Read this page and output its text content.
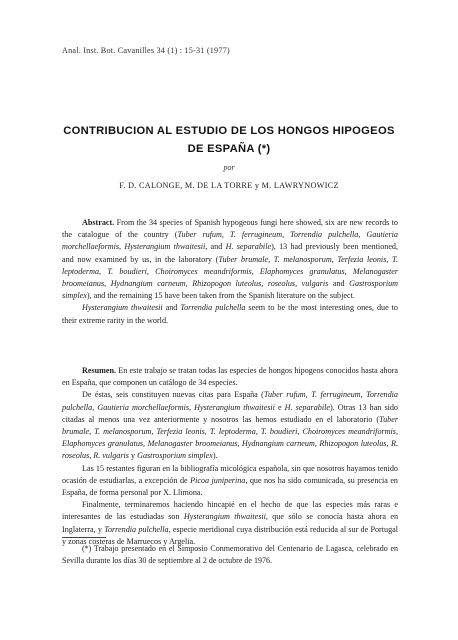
Anal. Inst. Bot. Cavanilles 34 (1) : 15-31 (1977)
CONTRIBUCION AL ESTUDIO DE LOS HONGOS HIPOGEOS
DE ESPAÑA (*)
por
F. D. CALONGE, M. DE LA TORRE y M. LAWRYNOWICZ

Abstract. From the 34 species of Spanish hypogeous fungi here showed, six are new records to the catalogue of the country (Tuber rufum, T. ferrugineum, Torrendia pulchella, Gautieria morchellaeformis, Hysterangium thwaitesii, and H. separabile), 13 had previously been mentioned, and now examined by us, in the laboratory (Tuber brumale, T. melanosporum, Terfezia leonis, T. leptoderma, T. boudieri, Choiromyces meandriformis, Elaphomyces granulatus, Melanogaster broomeianus, Hydnangium carneum, Rhizopogon luteolus, roseolus, vulgaris and Gastrosporium simplex), and the remaining 15 have been taken from the Spanish literature on the subject.

Hysterangium thwaitesii and Torrendia pulchella seem to be the most interesting ones, due to their extreme rarity in the world.

Resumen. En este trabajo se tratan todas las especies de hongos hipogeos conocidos hasta ahora en España, que componen un catálogo de 34 especies.

De éstas, seis constituyen nuevas citas para España (Tuber rufum, T. ferrugineum, Torrendia pulchella, Gautieria morchellaeformis, Hysterangium thwaitesii e H. separabile). Otras 13 han sido citadas al menos una vez anteriormente y nosotros las hemos estudiado en el laboratorio (Tuber brumale, T. melanosporum, Terfezia leonis, T. leptoderma, T. boudieri, Choiromyces meandriformis, Elaphomyces granulatus, Melanogaster broomeianus, Hydnangium carneum, Rhizopogon luteolus, R. roseolus, R. vulgaris y Gastrosporium simplex).

Las 15 restantes figuran en la bibliografía micológica española, sin que nosotros hayamos tenido ocasión de estudiarlas, a excepción de Picoa juniperina, que nos ha sido comunicada, su presencia en España, de forma personal por X. Llimona.

Finalmente, terminaremos haciendo hincapié en el hecho de que las especies más raras e interesantes de las estudiadas son Hysterangium thwaitesii, que sólo se conocía hasta ahora en Inglaterra, y Torrendia pulchella, especie meridional cuya distribución está reducida al sur de Portugal y zonas costeras de Marruecos y Argelia.

(*) Trabajo presentado en el Simposio Conmemorativo del Centenario de Lagasca, celebrado en Sevilla durante los días 30 de septiembre al 2 de octubre de 1976.
